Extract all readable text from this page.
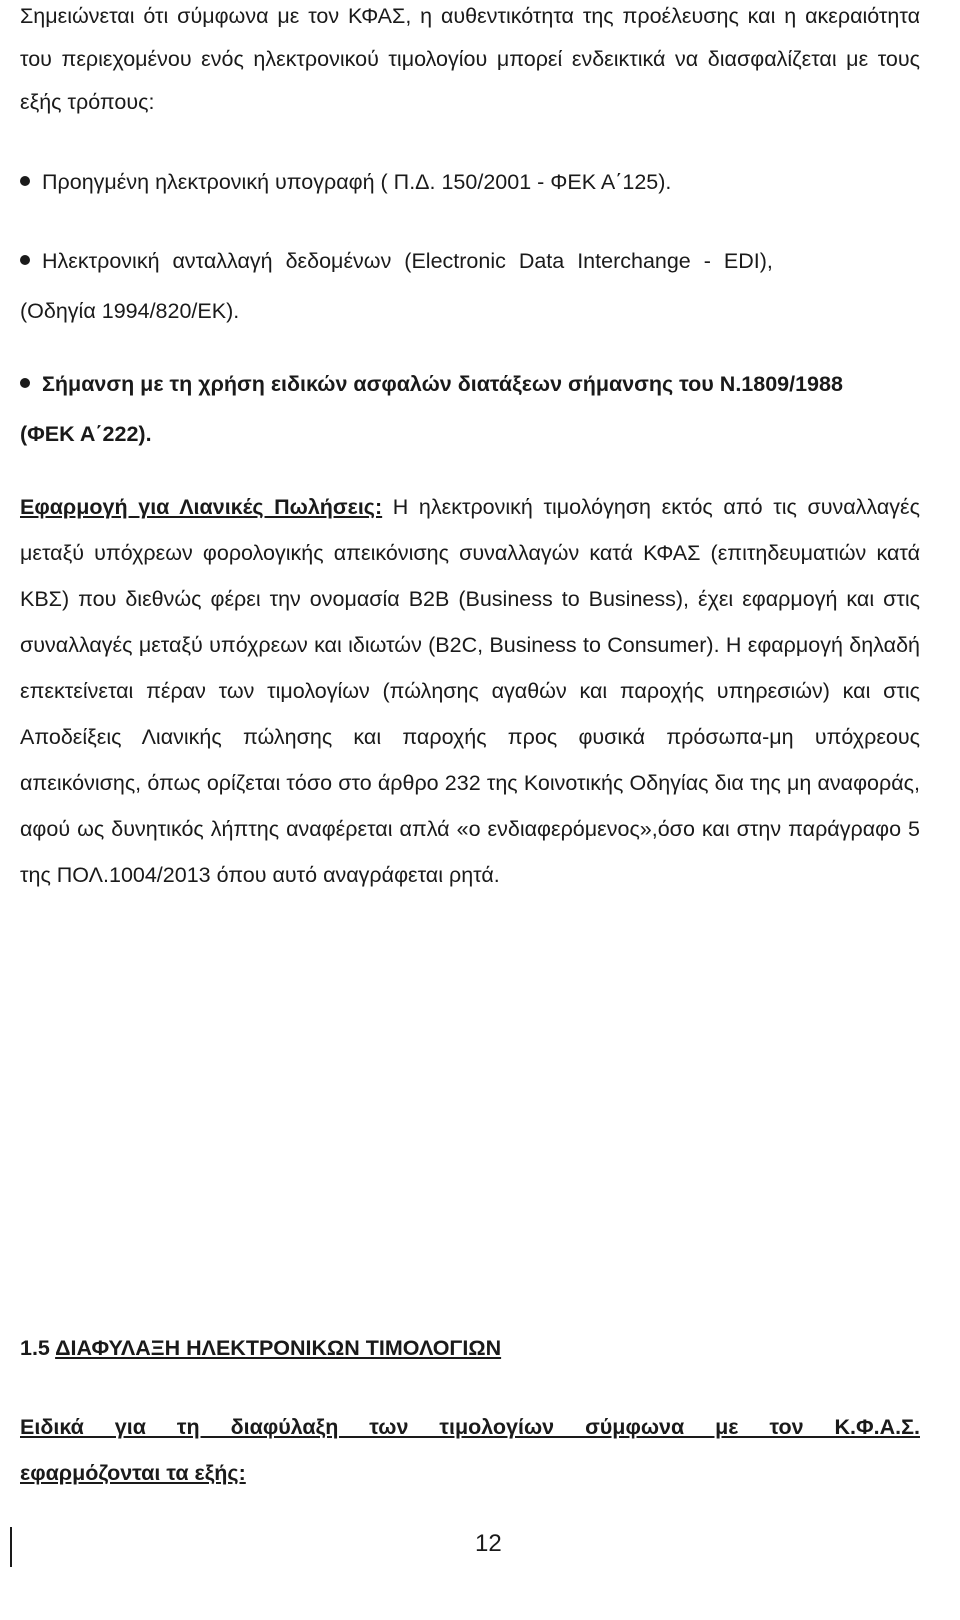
Σημειώνεται ότι σύμφωνα με τον ΚΦΑΣ, η αυθεντικότητα της προέλευσης και η ακεραιότητα του περιεχομένου ενός ηλεκτρονικού τιμολογίου μπορεί ενδεικτικά να διασφαλίζεται με τους εξής τρόπους:

Προηγμένη ηλεκτρονική υπογραφή ( Π.Δ. 150/2001 - ΦΕΚ Α΄125).

Ηλεκτρονική ανταλλαγή δεδομένων (Electronic Data Interchange - EDI),
(Οδηγία 1994/820/ΕΚ).

Σήμανση με τη χρήση ειδικών ασφαλών διατάξεων σήμανσης του Ν.1809/1988
(ΦΕΚ Α΄222).

Εφαρμογή για Λιανικές Πωλήσεις: Η ηλεκτρονική τιμολόγηση εκτός από τις συναλλαγές μεταξύ υπόχρεων φορολογικής απεικόνισης συναλλαγών κατά ΚΦΑΣ (επιτηδευματιών κατά ΚΒΣ) που διεθνώς φέρει την ονομασία B2B (Business to Business), έχει εφαρμογή και στις συναλλαγές μεταξύ υπόχρεων και ιδιωτών (B2C, Business to Consumer). Η εφαρμογή δηλαδή επεκτείνεται πέραν των τιμολογίων (πώλησης αγαθών και παροχής υπηρεσιών) και στις Αποδείξεις Λιανικής πώλησης και παροχής προς φυσικά πρόσωπα-μη υπόχρεους απεικόνισης, όπως ορίζεται τόσο στο άρθρο 232 της Κοινοτικής Οδηγίας δια της μη αναφοράς, αφού ως δυνητικός λήπτης αναφέρεται απλά «ο ενδιαφερόμενος»,όσο και στην παράγραφο 5 της ΠΟΛ.1004/2013 όπου αυτό αναγράφεται ρητά.

1.5 ΔΙΑΦΥΛΑΞΗ ΗΛΕΚΤΡΟΝΙΚΩΝ ΤΙΜΟΛΟΓΙΩΝ

Ειδικά για τη διαφύλαξη των τιμολογίων σύμφωνα με τον Κ.Φ.Α.Σ.
εφαρμόζονται τα εξής:

12
